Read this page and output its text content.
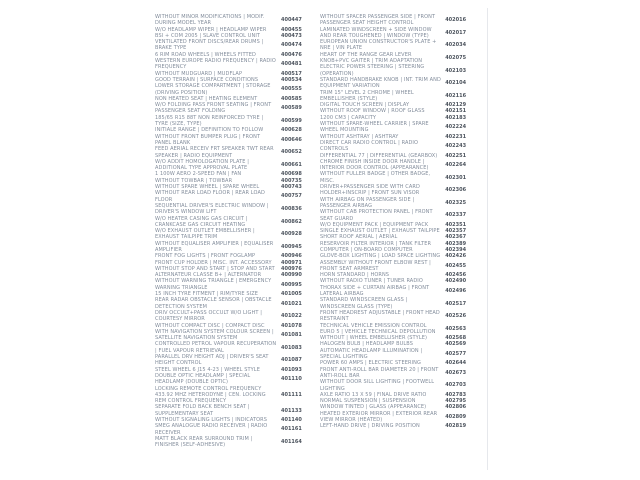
WITHOUT MINOR MODIFICATIONS | MODIF. DURING MODEL YEAR
400447
W/O HEADLAMP WIPER | HEADLAMP WIPER	400455
BSI + COM 2005 | SLAVE CONTROL UNIT	400473
VENTILATED FRONT DISCS/REAR DRUMS | BRAKE TYPE
400474
6 RIM ROAD WHEELS | WHEELS FITTED	400476
WESTERN EUROPE RADIO FREQUENCY | RADIO FREQUENCY
400481
WITHOUT MUDGUARD | MUDFLAP	400517
GOOD TERRAIN | SURFACE CONDITIONS	400534
LOWER STORAGE COMPARTMENT | STORAGE (DRIVING POSITION)
400555
NON HEATED SEAT | HEATING ELEMENT	400585
W/O FOLDING PASS FRONT SEATING | FRONT PASSENGER SEAT FOLDING
400589
185/65 R15 88T NON REINFORCED TYRE | TYRE (SIZE, TYPE)
400599
INITIALE RANGE | DEFINITION TO FOLLOW	400628
WITHOUT FRONT BUMPER PLUG | FRONT PANEL BLANK
400646
FEED AERIAL RECEIV FRT SPEAKER TWT REAR SPEAKER | RADIO EQUIPMENT
400652
W/O ADDIT HOMOLOGATION PLATE | ADDITIONAL TYPE APPROVAL PLATE
400661
1 100W AERO 2-SPEED FAN | FAN	400698
WITHOUT TOWBAR | TOWBAR	400735
WITHOUT SPARE WHEEL | SPARE WHEEL	400743
WITHOUT REAR LOAD FLOOR | REAR LOAD FLOOR
400757
SEQUENTIAL DRIVER'S ELECTRIC WINDOW | DRIVER'S WINDOW LIFT
400836
W/O HEATER CASING GAS CIRCUIT | CRANKCASE GAS CIRCUIT HEATING
400862
W/O EXHAUST OUTLET EMBELLISHER | EXHAUST TAILPIPE TRIM
400928
WITHOUT EQUALISER AMPLIFIER | EQUALISER AMPLIFIER
400945
FRONT FOG LIGHTS | FRONT FOGLAMP	400946
FRONT CUP HOLDER | MISC. INT. ACCESSORY	400971
WITHOUT STOP AND START | STOP AND START	400976
ALTERNATEUR CLASSE B+ | ALTERNATOR	400990
WITHOUT WARNING TRIANGLE | EMERGENCY WARNING TRIANGLE
400995
15 INCH TYRE FITMENT | RIM/TYRE SIZE	401005
REAR RADAR OBSTACLE SENSOR | OBSTACLE DETECTION SYSTEM
401021
DRIV OCCULT+PASS OCCULT W/O LIGHT | COURTESY MIRROR
401022
WITHOUT COMPACT DISC | COMPACT DISC	401078
WITH NAVIGATION SYSTEM COLOUR SCREEN | SATELLITE NAVIGATION SYSTEM
401081
CONTROLLED PETROL VAPOUR RECUPERATION | FUEL VAPOUR RETRIEVAL
401083
PARALLEL DRV HEIGHT ADJ | DRIVER'S SEAT HEIGHT CONTROL
401087
STEEL WHEEL 6 J15 4-23 | WHEEL STYLE	401093
DOUBLE OPTIC HEADLAMP | SPECIAL HEADLAMP (DOUBLE OPTIC)
401110
LOCKING REMOTE CONTROL FREQUENCY 433.92 MHZ HETERODYNE | CEN. LOCKING REM CONTROL FREQUENCY
401111
SEPARATE FOLD BACK BENCH SEAT | SUPPLEMENTARY SEAT
401133
WITHOUT SIGNALING LIGHTS | INDICATORS	401140
SMEG ANALOGUE RADIO RECEIVER | RADIO RECEIVER
401161
MATT BLACK REAR SURROUND TRIM | FINISHER (SELF-ADHESIVE)
401164
WITHOUT SPACER PASSENGER SIDE | FRONT PASSENGER SEAT HEIGHT CONTROL
402016
LAMINATED WINDSCREEN + SIDE WINDOW AND REAR TOUGHENED | WINDOW (TYPE)
402017
EUROPEAN UNION CONSTRUCTOR'S PLATE + NRE | VIN PLATE
402034
HEART OF THE RANGE GEAR LEVER KNOB+PVC GAITER | TRIM ADAPTATION
402075
ELECTRIC POWER STEERING | STEERING (OPERATION)
402103
STANDARD HANDBRAKE KNOB | INT. TRIM AND EQUIPMENT VARIATION
402104
TRIM 15" LEVEL 2 CHROME | WHEEL EMBELLISHER (STYLE)
402116
DIGITAL TOUCH SCREEN | DISPLAY	402129
WITHOUT ROOF WINDOW | ROOF GLASS	402151
1200 CM3 | CAPACITY	402183
WITHOUT SPARE-WHEEL CARRIER | SPARE WHEEL MOUNTING
402224
WITHOUT ASHTRAY | ASHTRAY	402231
DIRECT CAR RADIO CONTROL | RADIO CONTROLS
402243
DIFFERENTIAL 77 | DIFFERENTIAL (GEARBOX)	402251
CHROME FINISH INSIDE DOOR HANDLE | INTERIOR DOOR CONTROL (APPEARANCE)
402264
WITHOUT FULLER BADGE | OTHER BADGE, MISC.
402301
DRIVER+PASSENGER SIDE WITH CARD HOLDER+INSCRIP | FRONT SUN VISOR
402306
WITH AIRBAG ON PASSENGER SIDE | PASSENGER AIRBAG
402325
WITHOUT CAB PROTECTION PANEL | FRONT SEAT GUARD
402337
W/O EQUIPMENT PACK | EQUIPMENT PACK	402351
SINGLE EXHAUST OUTLET | EXHAUST TAILPIPE 402357
SHORT ROOF AERIAL | AERIAL	402367
RESERVOIR FILTER INTERIOR | TANK FILTER	402389
COMPUTER | ON-BOARD COMPUTER	402394
GLOVE-BOX LIGHTING | LOAD SPACE LIGHTING 402426
ASSEMBLY WITHOUT FRONT ELBOW REST | FRONT SEAT ARMREST
402455
HORN STANDARD | HORNS	402456
WITHOUT RADIO TUNER | TUNER RADIO	402490
THORAX SIDE + CURTAIN AIRBAG | FRONT LATERAL AIRBAG
402496
STANDARD WINDSCREEN GLASS | WINDSCREEN GLASS (TYPE)
402517
FRONT HEADREST ADJUSTABLE | FRONT HEAD RESTRAINT
402526
TECHNICAL VEHICLE EMISSION CONTROL EURO 5 | VEHICLE TECHNICAL DEPOLLUTION
402563
WITHOUT | WHEEL EMBELLISHER (STYLE)	402568
HALOGEN BULB | HEADLAMP BULBS	402569
AUTOMATIC HEADLAMP ILLUMINATION | SPECIAL LIGHTING
402577
POWER 60 AMPS | ELECTRIC STEERING	402644
FRONT ANTI-ROLL BAR DIAMETER 20 | FRONT ANTI-ROLL BAR
402673
WITHOUT DOOR SILL LIGHTING | FOOTWELL LIGHTING
402703
AXLE RATIO 13 X 59 | FINAL DRIVE RATIO	402783
NORMAL SUSPENSION | SUSPENSION	402795
WINDOW TINTED | GLASS (APPEARANCE)	402806
HEATED EXTERIOR MIRROR | EXTERIOR REAR VIEW MIRROR (HEATED)
402809
LEFT-HAND DRIVE | DRIVING POSITION	402819
